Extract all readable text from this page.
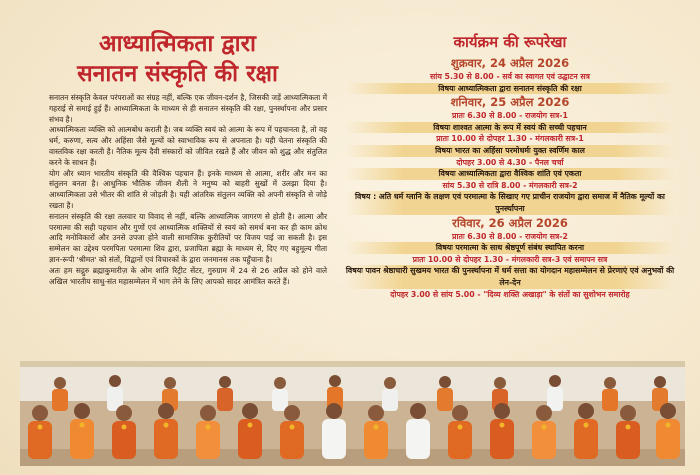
आध्यात्मिकता द्वारा
सनातन संस्कृति की रक्षा

सनातन संस्कृति केवल परंपराओं का संग्रह नहीं, बल्कि एक जीवन-दर्शन है, जिसकी जड़ें आध्यात्मिकता में गहराई से समाई हुई हैं। आध्यात्मिकता के माध्यम से ही सनातन संस्कृति की रक्षा, पुनर्स्थापना और प्रसार संभव है।

आध्यात्मिकता व्यक्ति को आत्मबोध कराती है। जब व्यक्ति स्वयं को आत्मा के रूप में पहचानता है, तो वह धर्म, करुणा, सत्य और अहिंसा जैसे मूल्यों को स्वाभाविक रूप से अपनाता है। यही चेतना संस्कृति की वास्तविक रक्षा करती है। नैतिक मूल्य दैवी संस्कारों को जीवित रखते हैं और जीवन को शुद्ध और संतुलित करने के साधन हैं।

योग और ध्यान भारतीय संस्कृति की वैश्विक पहचान हैं। इनके माध्यम से आत्मा, शरीर और मन का संतुलन बनता है। आधुनिक भौतिक जीवन शैली ने मनुष्य को बाहरी सुखों में उलझा दिया है। आध्यात्मिकता उसे भीतर की शांति से जोड़ती है। यही आंतरिक संतुलन व्यक्ति को अपनी संस्कृति से जोड़े रखता है।

सनातन संस्कृति की रक्षा तलवार या विवाद से नहीं, बल्कि आध्यात्मिक जागरण से होती है। आत्मा और परमात्मा की सही पहचान और गुणों एवं आध्यात्मिक शक्तियों से स्वयं को समर्थ बना कर ही काम क्रोध आदि मनोविकारों और उनसे उपजा होने वाली सामाजिक कुरीतियों पर विजय पाई जा सकती है। इस सम्मेलन का उद्देश्य परमपिता परमात्मा शिव द्वारा, प्रजापिता ब्रह्मा के माध्यम से, दिए गए बहुमूल्य गीता ज्ञान-रूपी 'श्रीमत' को संतों, विद्वानों एवं विचारकों के द्वारा जनमानस तक पहुँचाना है।

अतः हम सद्गुरु ब्रह्माकुमारीज़ के ओम शांति रिट्रीट सेंटर, गुरुग्राम में 24 से 26 अप्रैल को होने वाले अखिल भारतीय साधु-संत महासम्मेलन में भाग लेने के लिए आपको सादर आमंत्रित करते हैं।

कार्यक्रम की रूपरेखा
शुक्रवार, 24 अप्रैल 2026
सांय 5.30 से 8.00 - सर्व का स्वागत एवं उद्घाटन सत्र
विषयः आध्यात्मिकता द्वारा सनातन संस्कृति की रक्षा
शनिवार, 25 अप्रैल 2026
प्रातः 6.30 से 8.00 - राजयोग सत्र-1
विषयः शाश्वत आत्मा के रूप में स्वयं की सच्ची पहचान
प्रातः 10.00 से दोपहर 1.30 - मंगलकारी सत्र-1
विषयः भारत का अहिंसा परमोधर्मः युक्त स्वर्णिम काल
दोपहर 3.00 से 4.30 - पैनल चर्चा
विषयः आध्यात्मिकता द्वारा वैश्विक शांति एवं एकता
सांय 5.30 से रात्रि 8.00 - मंगलकारी सत्र-2
विषय : अति धर्म ग्लानि के लक्षण एवं परमात्मा के सिखाए गए प्राचीन राजयोग द्वारा समाज में नैतिक मूल्यों का पुनर्स्थापना
रविवार, 26 अप्रैल 2026
प्रातः 6.30 से 8.00 - राजयोग सत्र-2
विषयः परमात्मा के साथ श्रेष्ठपूर्ण संबंध स्थापित करना
प्रातः 10.00 से दोपहर 1.30 - मंगलकारी सत्र-3 एवं समापन सत्र
विषयः पावन श्रेष्ठाचारी सुखमय भारत की पुनर्स्थापना में धर्म सत्ता का योगदान महासम्मेलन से प्रेरणाएं एवं अनुभवों की लेन-देन
दोपहर 3.00 से सांय 5.00 - "दिव्य शक्ति अखाड़ा" के संतों का सुशोभन समारोह
